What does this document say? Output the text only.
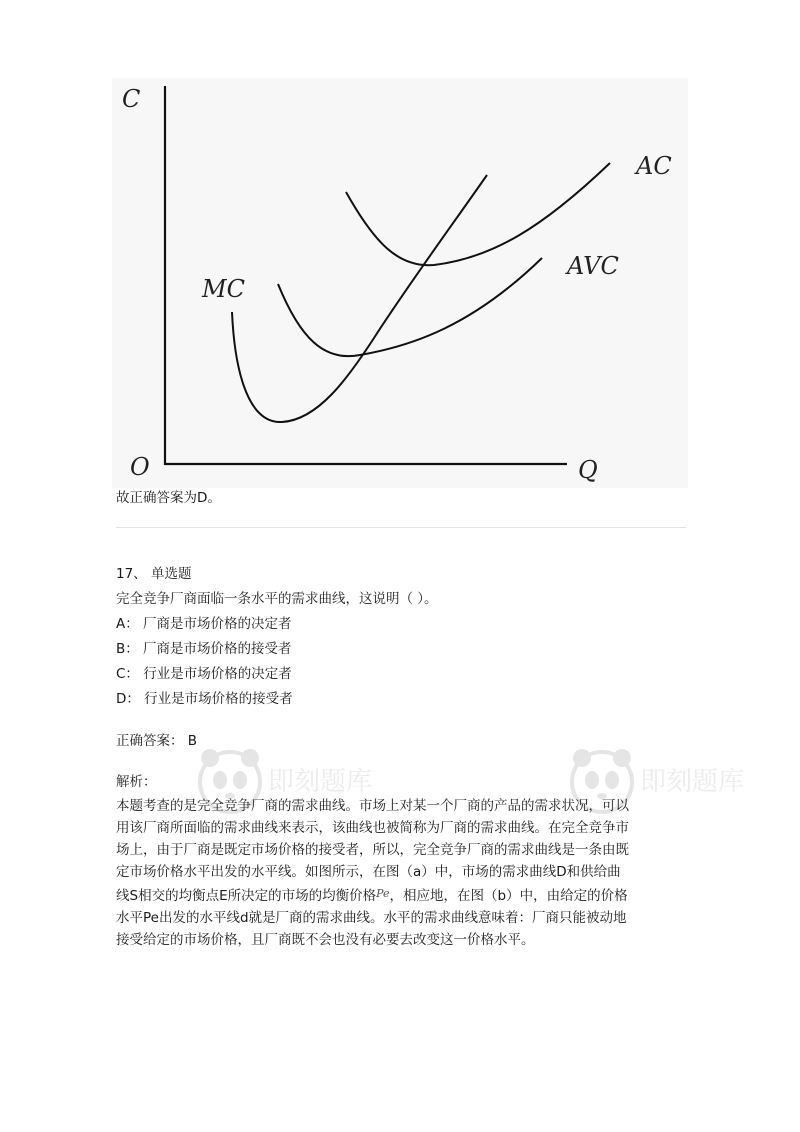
C
Q
O
AC
AVC
MC
故正确答案为D。
17、 单选题
完全竞争厂商面临一条水平的需求曲线，这说明（ ）。
A： 厂商是市场价格的决定者
B： 厂商是市场价格的接受者
C： 行业是市场价格的决定者
D： 行业是市场价格的接受者
正确答案： B
解析：
本题考查的是完全竞争厂商的需求曲线。市场上对某一个厂商的产品的需求状况，可以
用该厂商所面临的需求曲线来表示，该曲线也被简称为厂商的需求曲线。在完全竞争市
场上，由于厂商是既定市场价格的接受者，所以，完全竞争厂商的需求曲线是一条由既
定市场价格水平出发的水平线。如图所示，在图（a）中，市场的需求曲线D和供给曲
线S相交的均衡点E所决定的市场的均衡价格$^{Pe}$，相应地，在图（b）中，由给定的价格
水平Pe出发的水平线d就是厂商的需求曲线。水平的需求曲线意味着：厂商只能被动地
接受给定的市场价格，且厂商既不会也没有必要去改变这一价格水平。
即刻题库	即刻题库
